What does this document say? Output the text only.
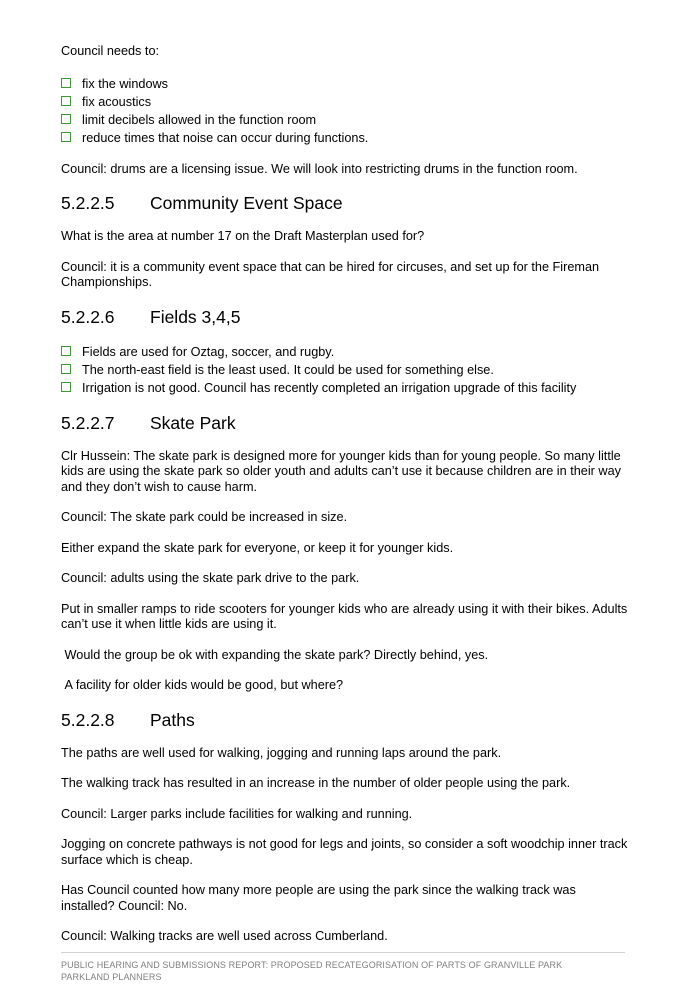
Council needs to:

fix the windows
fix acoustics
limit decibels allowed in the function room
reduce times that noise can occur during functions.

Council: drums are a licensing issue. We will look into restricting drums in the function room.

5.2.2.5 Community Event Space

What is the area at number 17 on the Draft Masterplan used for?

Council: it is a community event space that can be hired for circuses, and set up for the Fireman Championships.

5.2.2.6 Fields 3,4,5
Fields are used for Oztag, soccer, and rugby.
The north-east field is the least used. It could be used for something else.
Irrigation is not good. Council has recently completed an irrigation upgrade of this facility
5.2.2.7 Skate Park

Clr Hussein: The skate park is designed more for younger kids than for young people. So many little kids are using the skate park so older youth and adults can’t use it because children are in their way and they don’t wish to cause harm.

Council: The skate park could be increased in size.

Either expand the skate park for everyone, or keep it for younger kids.

Council: adults using the skate park drive to the park.

Put in smaller ramps to ride scooters for younger kids who are already using it with their bikes. Adults can’t use it when little kids are using it.

Would the group be ok with expanding the skate park? Directly behind, yes.

A facility for older kids would be good, but where?

5.2.2.8 Paths

The paths are well used for walking, jogging and running laps around the park.

The walking track has resulted in an increase in the number of older people using the park.

Council: Larger parks include facilities for walking and running.

Jogging on concrete pathways is not good for legs and joints, so consider a soft woodchip inner track surface which is cheap.

Has Council counted how many more people are using the park since the walking track was installed? Council: No.

Council: Walking tracks are well used across Cumberland.

PUBLIC HEARING AND SUBMISSIONS REPORT: PROPOSED RECATEGORISATION OF PARTS OF GRANVILLE PARK

PARKLAND PLANNERS
